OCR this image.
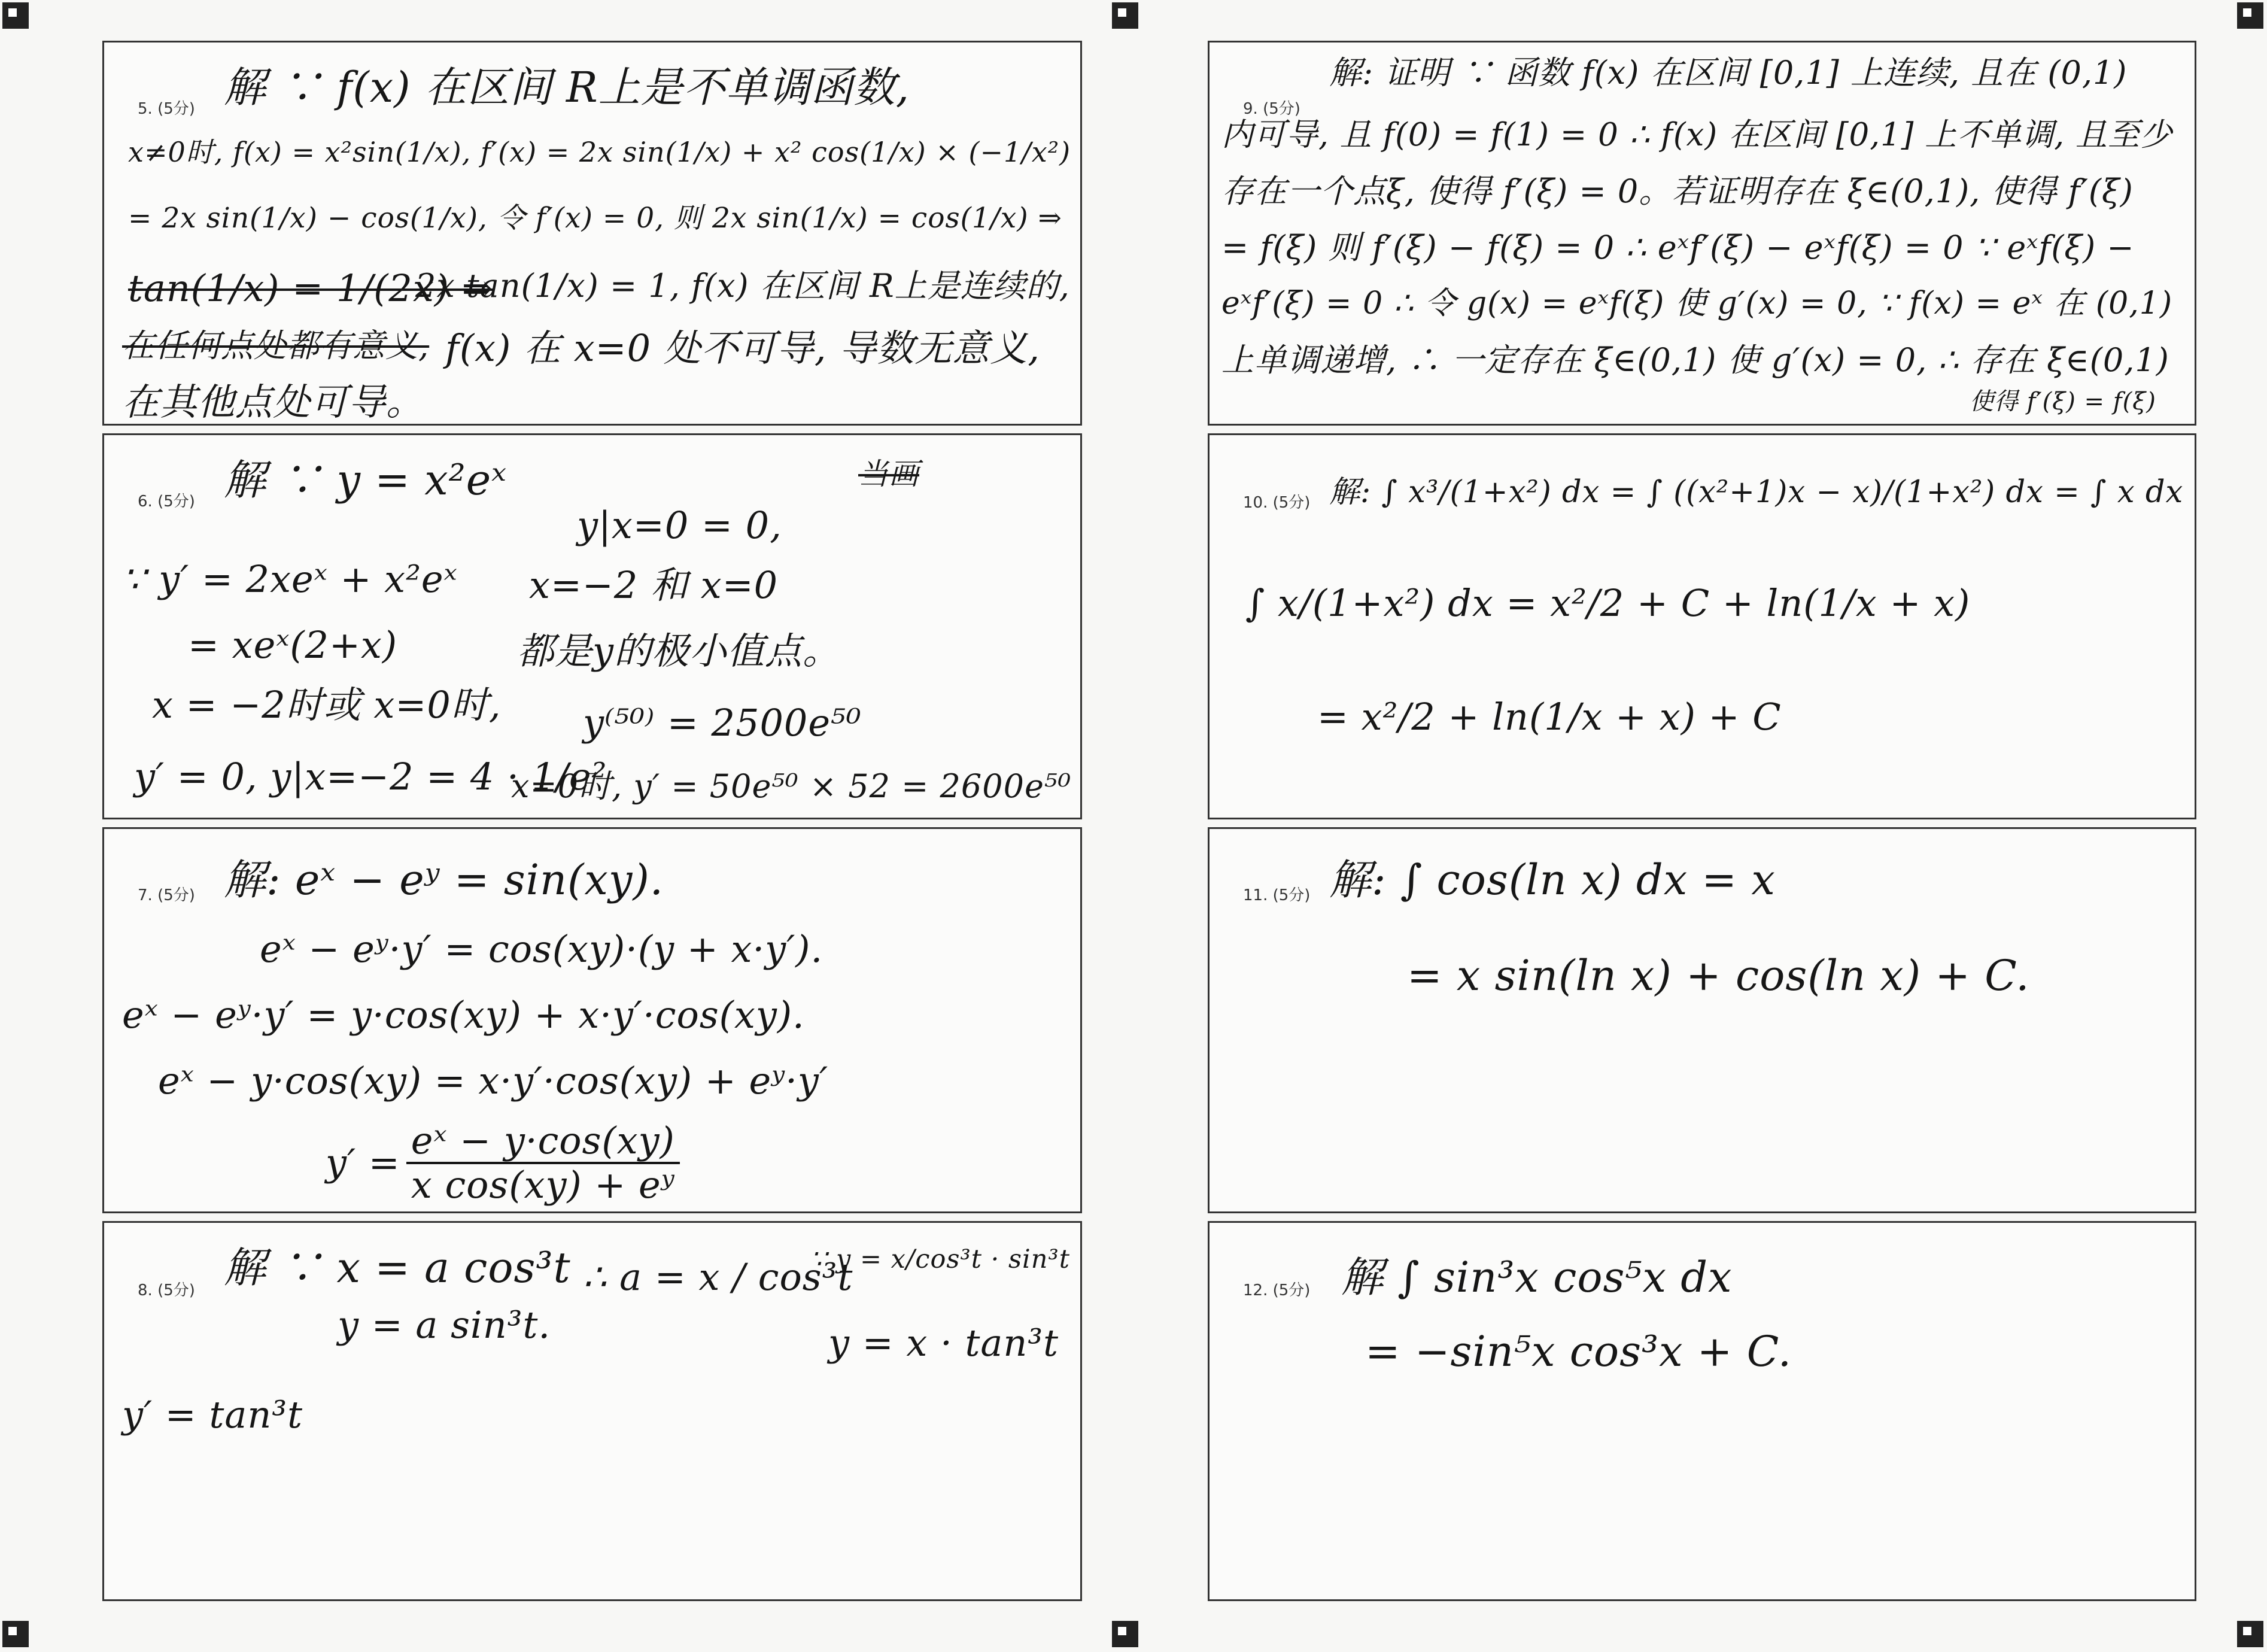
5. (5分) 解 ∵ f(x) 在区间 R上是不单调函数,
x≠0时, f(x) = x²sin(1/x), f′(x) = 2x sin(1/x) + x² cos(1/x) × (−1/x²)
= 2x sin(1/x) − cos(1/x), 令 f′(x) = 0, 则 2x sin(1/x) = cos(1/x) ⇒
tan(1/x) = 1/(2x) ⇒
2x tan(1/x) = 1, f(x) 在区间 R上是连续的,
在任何点处都有意义, f(x) 在 x=0 处不可导, 导数无意义,
在其他点处可导。
6. (5分) 解 ∵ y = x²eˣ	当画
∵ y′ = 2xeˣ + x²eˣ
= xeˣ(2+x)
x = −2时或 x=0时,
y′ = 0, y|x=−2 = 4 · 1/e²
y|x=0 = 0,
x=−2 和 x=0
都是y的极小值点。
y⁽⁵⁰⁾ = 2500e⁵⁰
x=0时, y′ = 50e⁵⁰ × 52 = 2600e⁵⁰
7. (5分) 解: eˣ − eʸ = sin(xy).
eˣ − eʸ·y′ = cos(xy)·(y + x·y′).
eˣ − eʸ·y′ = y·cos(xy) + x·y′·cos(xy).
eˣ − y·cos(xy) = x·y′·cos(xy) + eʸ·y′
$y' = \frac{\text{eˣ − y·cos(xy)}}{\text{x cos(xy) + eʸ}}$
8. (5分) 解 ∵ x = a cos³t
y = a sin³t.
∴ a = x / cos³t
∵ y = x/cos³t · sin³t
y = x · tan³t
y′ = tan³t
9. (5分)
解: 证明 ∵ 函数 f(x) 在区间 [0,1] 上连续, 且在 (0,1)
内可导, 且 f(0) = f(1) = 0 ∴ f(x) 在区间 [0,1] 上不单调, 且至少
存在一个点ξ, 使得 f′(ξ) = 0。若证明存在 ξ∈(0,1), 使得 f′(ξ)
= f(ξ) 则 f′(ξ) − f(ξ) = 0 ∴ eˣf′(ξ) − eˣf(ξ) = 0 ∵ eˣf(ξ) −
eˣf′(ξ) = 0 ∴ 令 g(x) = eˣf(ξ) 使 g′(x) = 0, ∵ f(x) = eˣ 在 (0,1)
上单调递增, ∴ 一定存在 ξ∈(0,1) 使 g′(x) = 0, ∴ 存在 ξ∈(0,1)
使得 f′(ξ) = f(ξ)
10. (5分) 解: ∫ x³/(1+x²) dx = ∫ ((x²+1)x − x)/(1+x²) dx = ∫ x dx
∫ x/(1+x²) dx = x²/2 + C + ln(1/x + x)
= x²/2 + ln(1/x + x) + C
11. (5分) 解: ∫ cos(ln x) dx = x
= x sin(ln x) + cos(ln x) + C.
12. (5分) 解 ∫ sin³x cos⁵x dx
= −sin⁵x cos³x + C.
